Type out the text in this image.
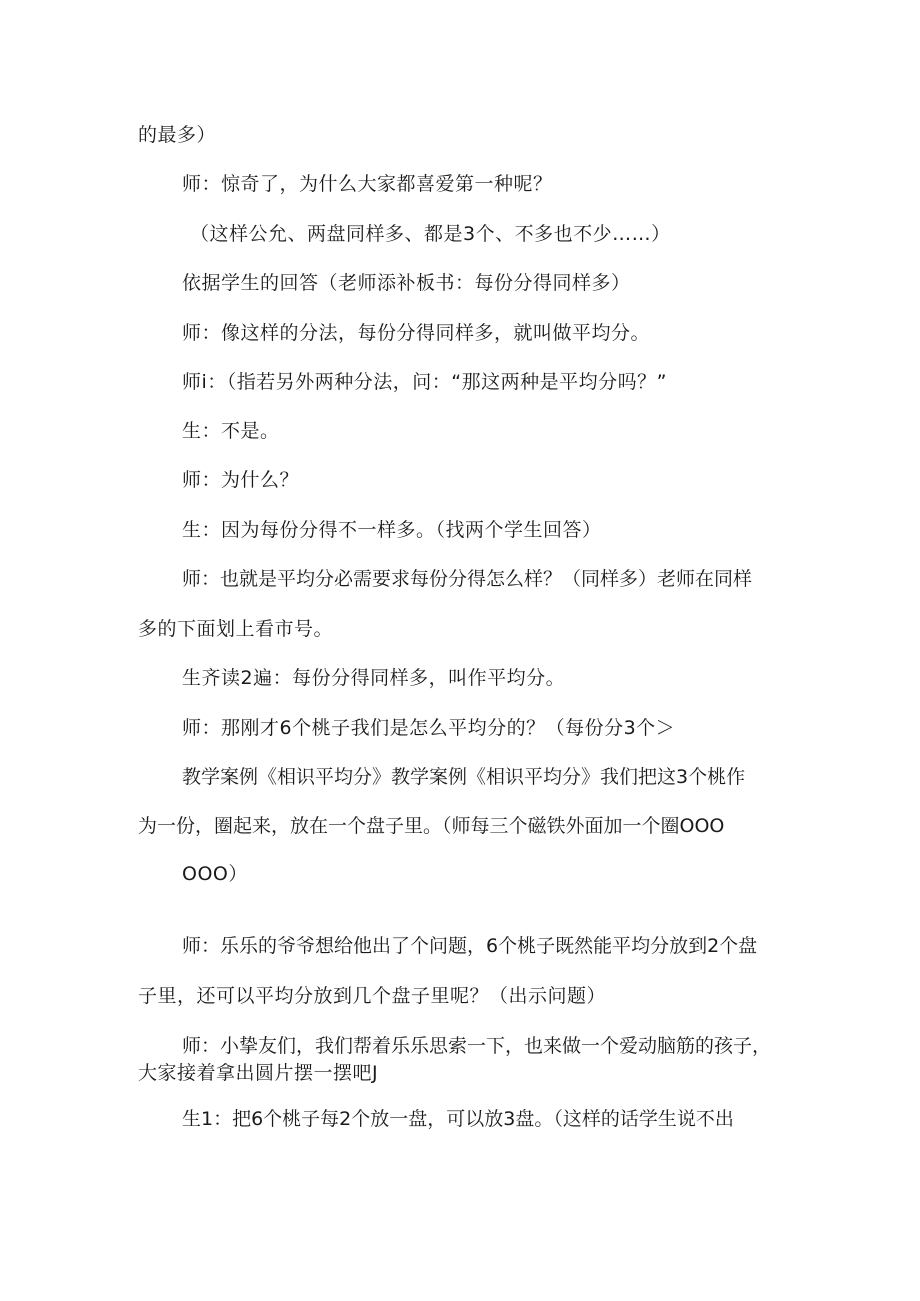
的最多）
师：惊奇了，为什么大家都喜爱第一种呢？
（这样公允、两盘同样多、都是3个、不多也不少……）
依据学生的回答（老师添补板书：每份分得同样多）
师：像这样的分法，每份分得同样多，就叫做平均分。
师i：（指若另外两种分法，问：“那这两种是平均分吗？”
生：不是。
师：为什么？
生：因为每份分得不一样多。（找两个学生回答）
师：也就是平均分必需要求每份分得怎么样？（同样多）老师在同样
多的下面划上看市号。
生齐读2遍：每份分得同样多，叫作平均分。
师：那刚才6个桃子我们是怎么平均分的？（每份分3个＞
教学案例《相识平均分》教学案例《相识平均分》我们把这3个桃作
为一份，圈起来，放在一个盘子里。（师每三个磁铁外面加一个圈OOO
OOO）
师：乐乐的爷爷想给他出了个问题，6个桃子既然能平均分放到2个盘
子里，还可以平均分放到几个盘子里呢？（出示问题）
师：小挚友们，我们帮着乐乐思索一下，也来做一个爱动脑筋的孩子，
大家接着拿出圆片摆一摆吧J
生1：把6个桃子每2个放一盘，可以放3盘。（这样的话学生说不出
